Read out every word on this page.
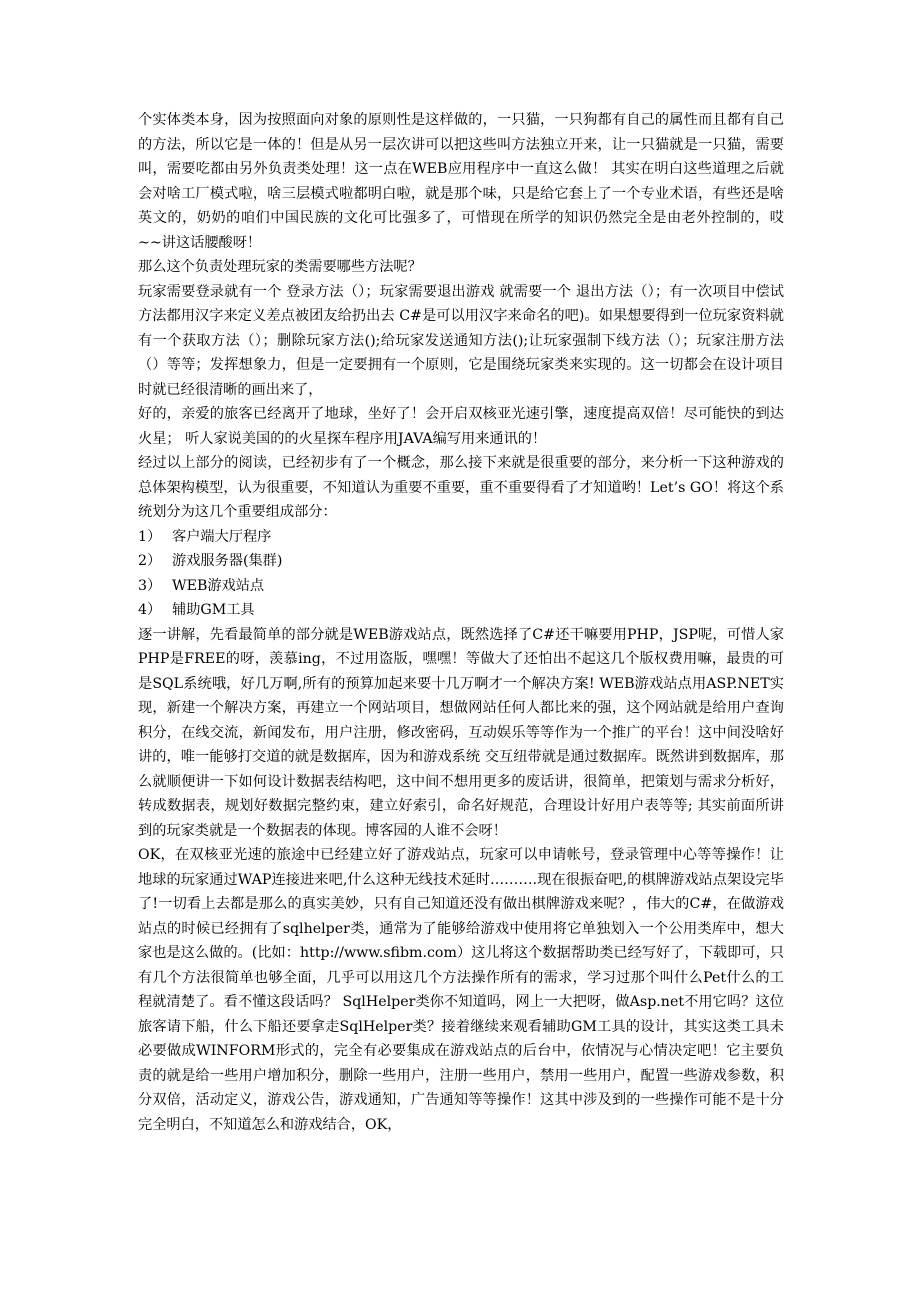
个实体类本身，因为按照面向对象的原则性是这样做的，一只猫，一只狗都有自己的属性而且都有自己的方法，所以它是一体的！但是从另一层次讲可以把这些叫方法独立开来，让一只猫就是一只猫，需要叫，需要吃都由另外负责类处理！这一点在WEB应用程序中一直这么做！ 其实在明白这些道理之后就会对啥工厂模式啦，啥三层模式啦都明白啦，就是那个味，只是给它套上了一个专业术语，有些还是啥英文的，奶奶的咱们中国民族的文化可比强多了，可惜现在所学的知识仍然完全是由老外控制的，哎~~讲这话腰酸呀！

那么这个负责处理玩家的类需要哪些方法呢？

玩家需要登录就有一个 登录方法（）；玩家需要退出游戏 就需要一个 退出方法（）；有一次项目中偿试方法都用汉字来定义差点被团友给扔出去 C#是可以用汉字来命名的吧)。如果想要得到一位玩家资料就有一个获取方法（）；删除玩家方法();给玩家发送通知方法();让玩家强制下线方法（）；玩家注册方法（）等等；发挥想象力，但是一定要拥有一个原则，它是围绕玩家类来实现的。这一切都会在设计项目时就已经很清晰的画出来了，

好的，亲爱的旅客已经离开了地球，坐好了！会开启双核亚光速引擎，速度提高双倍！尽可能快的到达火星； 听人家说美国的的火星探车程序用JAVA编写用来通讯的！

经过以上部分的阅读，已经初步有了一个概念，那么接下来就是很重要的部分，来分析一下这种游戏的总体架构模型，认为很重要，不知道认为重要不重要，重不重要得看了才知道哟！Let’s GO！将这个系统划分为这几个重要组成部分：

1） 客户端大厅程序
2） 游戏服务器(集群)
3） WEB游戏站点
4） 辅助GM工具

逐一讲解，先看最简单的部分就是WEB游戏站点，既然选择了C#还干嘛要用PHP，JSP呢，可惜人家PHP是FREE的呀，羡慕ing，不过用盗版，嘿嘿！等做大了还怕出不起这几个版权费用嘛，最贵的可是SQL系统哦，好几万啊,所有的预算加起来要十几万啊才一个解决方案! WEB游戏站点用ASP.NET实现，新建一个解决方案，再建立一个网站项目，想做网站任何人都比来的强，这个网站就是给用户查询积分，在线交流，新闻发布，用户注册，修改密码，互动娱乐等等作为一个推广的平台！这中间没啥好讲的，唯一能够打交道的就是数据库，因为和游戏系统 交互纽带就是通过数据库。既然讲到数据库，那么就顺便讲一下如何设计数据表结构吧，这中间不想用更多的废话讲，很简单，把策划与需求分析好，转成数据表，规划好数据完整约束，建立好索引，命名好规范，合理设计好用户表等等; 其实前面所讲到的玩家类就是一个数据表的体现。博客园的人谁不会呀！

OK，在双核亚光速的旅途中已经建立好了游戏站点，玩家可以申请帐号，登录管理中心等等操作！让地球的玩家通过WAP连接进来吧,什么这种无线技术延时……….现在很振奋吧,的棋牌游戏站点架设完毕了!一切看上去都是那么的真实美妙，只有自己知道还没有做出棋牌游戏来呢？，伟大的C#，在做游戏站点的时候已经拥有了sqlhelper类，通常为了能够给游戏中使用将它单独划入一个公用类库中，想大家也是这么做的。(比如：http://www.sfibm.com）这儿将这个数据帮助类已经写好了，下载即可，只有几个方法很简单也够全面，几乎可以用这几个方法操作所有的需求，学习过那个叫什么Pet什么的工程就清楚了。看不懂这段话吗？ SqlHelper类你不知道吗，网上一大把呀，做Asp.net不用它吗？这位旅客请下船，什么下船还要拿走SqlHelper类？接着继续来观看辅助GM工具的设计，其实这类工具未必要做成WINFORM形式的，完全有必要集成在游戏站点的后台中，依情况与心情决定吧！它主要负责的就是给一些用户增加积分，删除一些用户，注册一些用户，禁用一些用户，配置一些游戏参数，积分双倍，活动定义，游戏公告，游戏通知，广告通知等等操作！这其中涉及到的一些操作可能不是十分完全明白，不知道怎么和游戏结合，OK，
